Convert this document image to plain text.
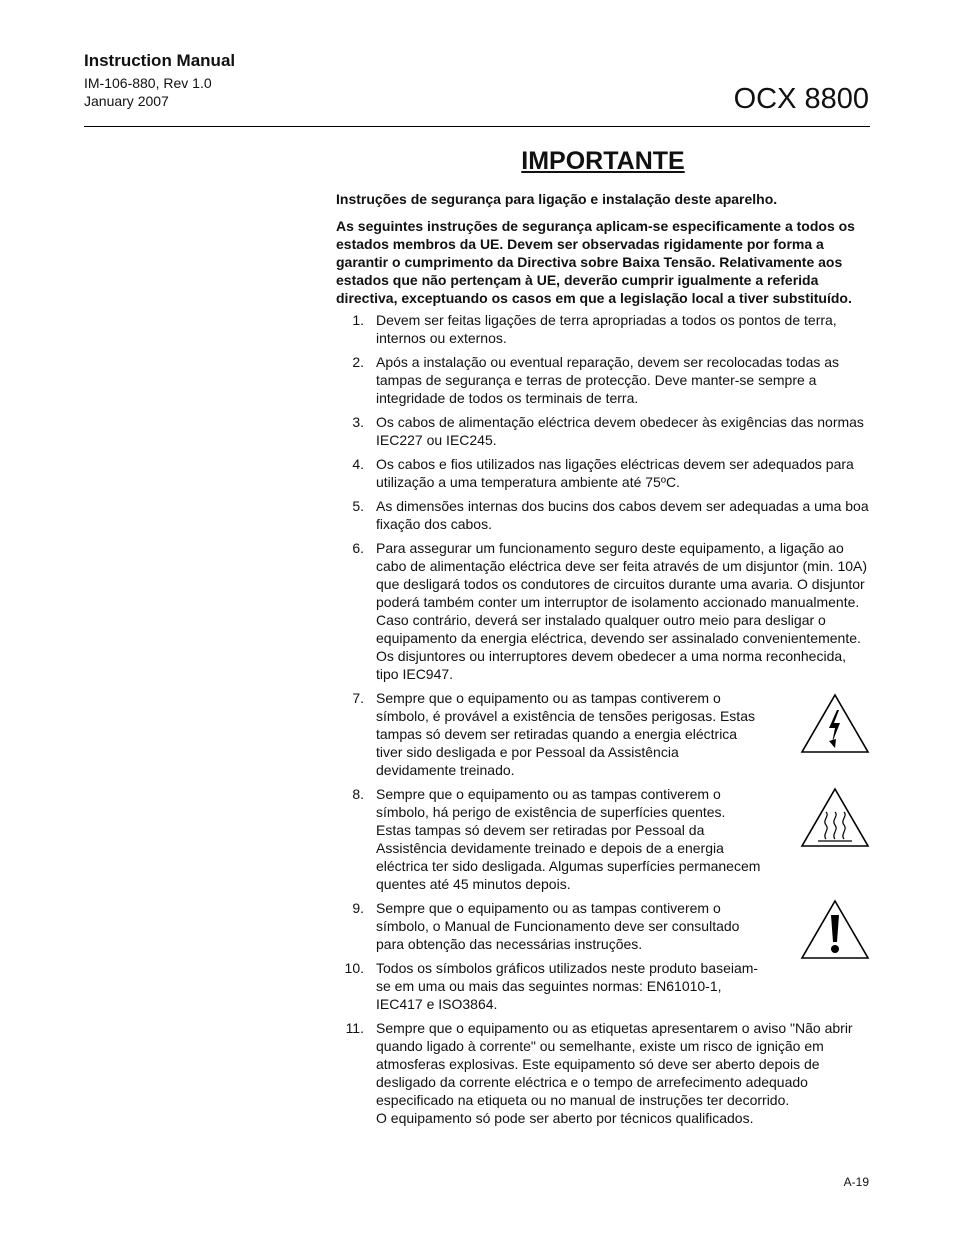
Instruction Manual
IM-106-880, Rev 1.0
January 2007	OCX 8800
IMPORTANTE
Instruções de segurança para ligação e instalação deste aparelho.
As seguintes instruções de segurança aplicam-se especificamente a todos os estados membros da UE. Devem ser observadas rigidamente por forma a garantir o cumprimento da Directiva sobre Baixa Tensão. Relativamente aos estados que não pertençam à UE, deverão cumprir igualmente a referida directiva, exceptuando os casos em que a legislação local a tiver substituído.
1. Devem ser feitas ligações de terra apropriadas a todos os pontos de terra, internos ou externos.
2. Após a instalação ou eventual reparação, devem ser recolocadas todas as tampas de segurança e terras de protecção. Deve manter-se sempre a integridade de todos os terminais de terra.
3. Os cabos de alimentação eléctrica devem obedecer às exigências das normas IEC227 ou IEC245.
4. Os cabos e fios utilizados nas ligações eléctricas devem ser adequados para utilização a uma temperatura ambiente até 75ºC.
5. As dimensões internas dos bucins dos cabos devem ser adequadas a uma boa fixação dos cabos.
6. Para assegurar um funcionamento seguro deste equipamento, a ligação ao cabo de alimentação eléctrica deve ser feita através de um disjuntor (min. 10A) que desligará todos os condutores de circuitos durante uma avaria. O disjuntor poderá também conter um interruptor de isolamento accionado manualmente. Caso contrário, deverá ser instalado qualquer outro meio para desligar o equipamento da energia eléctrica, devendo ser assinalado convenientemente. Os disjuntores ou interruptores devem obedecer a uma norma reconhecida, tipo IEC947.
7. Sempre que o equipamento ou as tampas contiverem o símbolo, é provável a existência de tensões perigosas. Estas tampas só devem ser retiradas quando a energia eléctrica tiver sido desligada e por Pessoal da Assistência devidamente treinado.
8. Sempre que o equipamento ou as tampas contiverem o símbolo, há perigo de existência de superfícies quentes. Estas tampas só devem ser retiradas por Pessoal da Assistência devidamente treinado e depois de a energia eléctrica ter sido desligada. Algumas superfícies permanecem quentes até 45 minutos depois.
9. Sempre que o equipamento ou as tampas contiverem o símbolo, o Manual de Funcionamento deve ser consultado para obtenção das necessárias instruções.
10. Todos os símbolos gráficos utilizados neste produto baseiam-se em uma ou mais das seguintes normas: EN61010-1, IEC417 e ISO3864.
11. Sempre que o equipamento ou as etiquetas apresentarem o aviso "Não abrir quando ligado à corrente" ou semelhante, existe um risco de ignição em atmosferas explosivas. Este equipamento só deve ser aberto depois de desligado da corrente eléctrica e o tempo de arrefecimento adequado especificado na etiqueta ou no manual de instruções ter decorrido.
O equipamento só pode ser aberto por técnicos qualificados.
A-19
